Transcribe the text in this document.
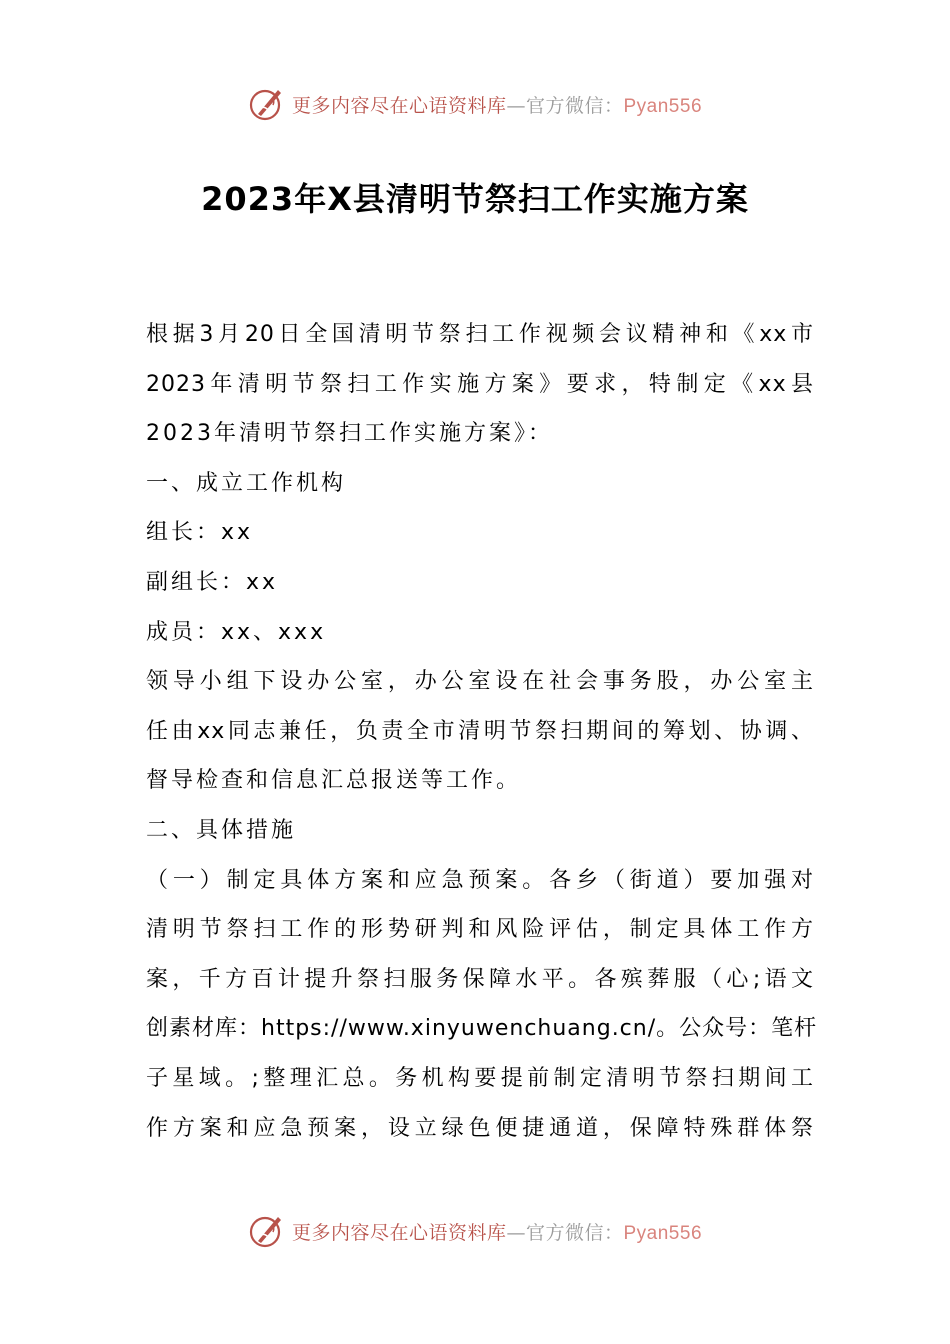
更多内容尽在心语资料库—官方微信：Pyan556
2023年X县清明节祭扫工作实施方案
根据3月20日全国清明节祭扫工作视频会议精神和《xx市
2023年清明节祭扫工作实施方案》要求，特制定《xx县
2023年清明节祭扫工作实施方案》：
一、成立工作机构
组长：xx
副组长：xx
成员：xx、xxx
领导小组下设办公室，办公室设在社会事务股，办公室主
任由xx同志兼任，负责全市清明节祭扫期间的筹划、协调、
督导检查和信息汇总报送等工作。
二、具体措施
（一）制定具体方案和应急预案。各乡（街道）要加强对
清明节祭扫工作的形势研判和风险评估，制定具体工作方
案，千方百计提升祭扫服务保障水平。各殡葬服（心;语文
创素材库：https://www.xinyuwenchuang.cn/。公众号：笔杆
子星域。;整理汇总。务机构要提前制定清明节祭扫期间工
作方案和应急预案，设立绿色便捷通道，保障特殊群体祭
更多内容尽在心语资料库—官方微信：Pyan556
